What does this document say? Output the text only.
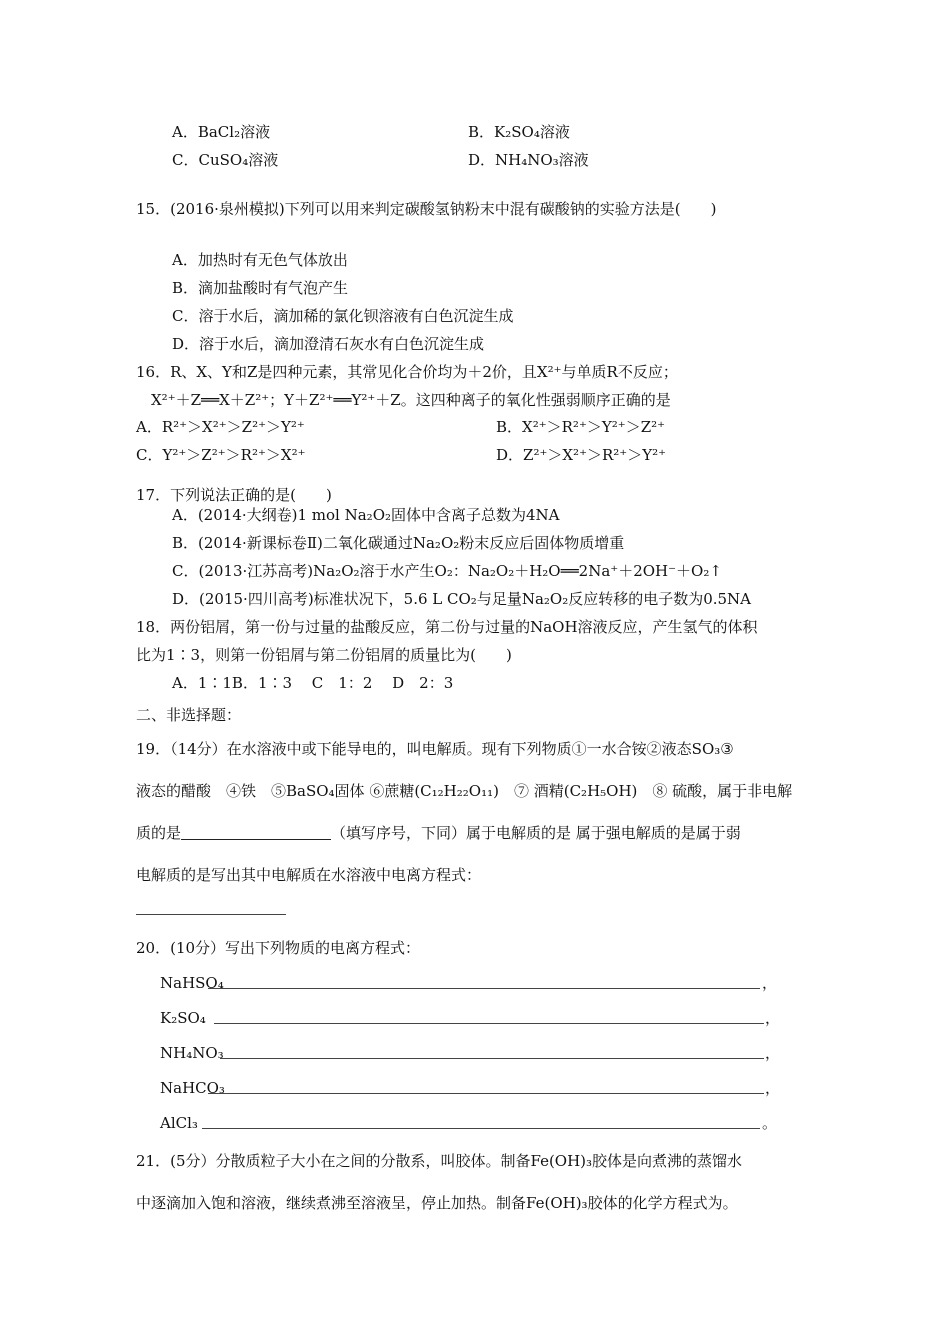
A．BaCl₂溶液	B．K₂SO₄溶液
C．CuSO₄溶液	D．NH₄NO₃溶液
15．(2016·泉州模拟)下列可以用来判定碳酸氢钠粉末中混有碳酸钠的实验方法是(　　)
A．加热时有无色气体放出
B．滴加盐酸时有气泡产生
C．溶于水后，滴加稀的氯化钡溶液有白色沉淀生成
D．溶于水后，滴加澄清石灰水有白色沉淀生成
16．R、X、Y和Z是四种元素，其常见化合价均为＋2价，且X²⁺与单质R不反应；
X²⁺＋Z══X＋Z²⁺；Y＋Z²⁺══Y²⁺＋Z。这四种离子的氧化性强弱顺序正确的是
A．R²⁺＞X²⁺＞Z²⁺＞Y²⁺	B．X²⁺＞R²⁺＞Y²⁺＞Z²⁺
C．Y²⁺＞Z²⁺＞R²⁺＞X²⁺	D．Z²⁺＞X²⁺＞R²⁺＞Y²⁺
17．下列说法正确的是(　　)
A．(2014·大纲卷)1 mol Na₂O₂固体中含离子总数为4NA
B．(2014·新课标卷Ⅱ)二氧化碳通过Na₂O₂粉末反应后固体物质增重
C．(2013·江苏高考)Na₂O₂溶于水产生O₂：Na₂O₂＋H₂O══2Na⁺＋2OH⁻＋O₂↑
D．(2015·四川高考)标准状况下，5.6 L CO₂与足量Na₂O₂反应转移的电子数为0.5NA
18．两份铝屑，第一份与过量的盐酸反应，第二份与过量的NaOH溶液反应，产生氢气的体积
比为1∶3，则第一份铝屑与第二份铝屑的质量比为(　　)
A．1∶1B．1∶3　 C　1：2　 D　2：3
二、非选择题：
19．（14分）在水溶液中或下能导电的，叫电解质。现有下列物质①一水合铵②液态SO₃③
液态的醋酸　④铁　⑤BaSO₄固体 ⑥蔗糖(C₁₂H₂₂O₁₁)　⑦ 酒精(C₂H₅OH)　⑧ 硫酸，属于非电解
质的是	（填写序号，下同）属于电解质的是 属于强电解质的是属于弱
电解质的是写出其中电解质在水溶液中电离方程式：
20．(10分）写出下列物质的电离方程式：
NaHSO₄	，
K₂SO₄	，
NH₄NO₃	，
NaHCO₃	，
AlCl₃	。
21．(5分）分散质粒子大小在之间的分散系，叫胶体。制备Fe(OH)₃胶体是向煮沸的蒸馏水
中逐滴加入饱和溶液，继续煮沸至溶液呈，停止加热。制备Fe(OH)₃胶体的化学方程式为。
